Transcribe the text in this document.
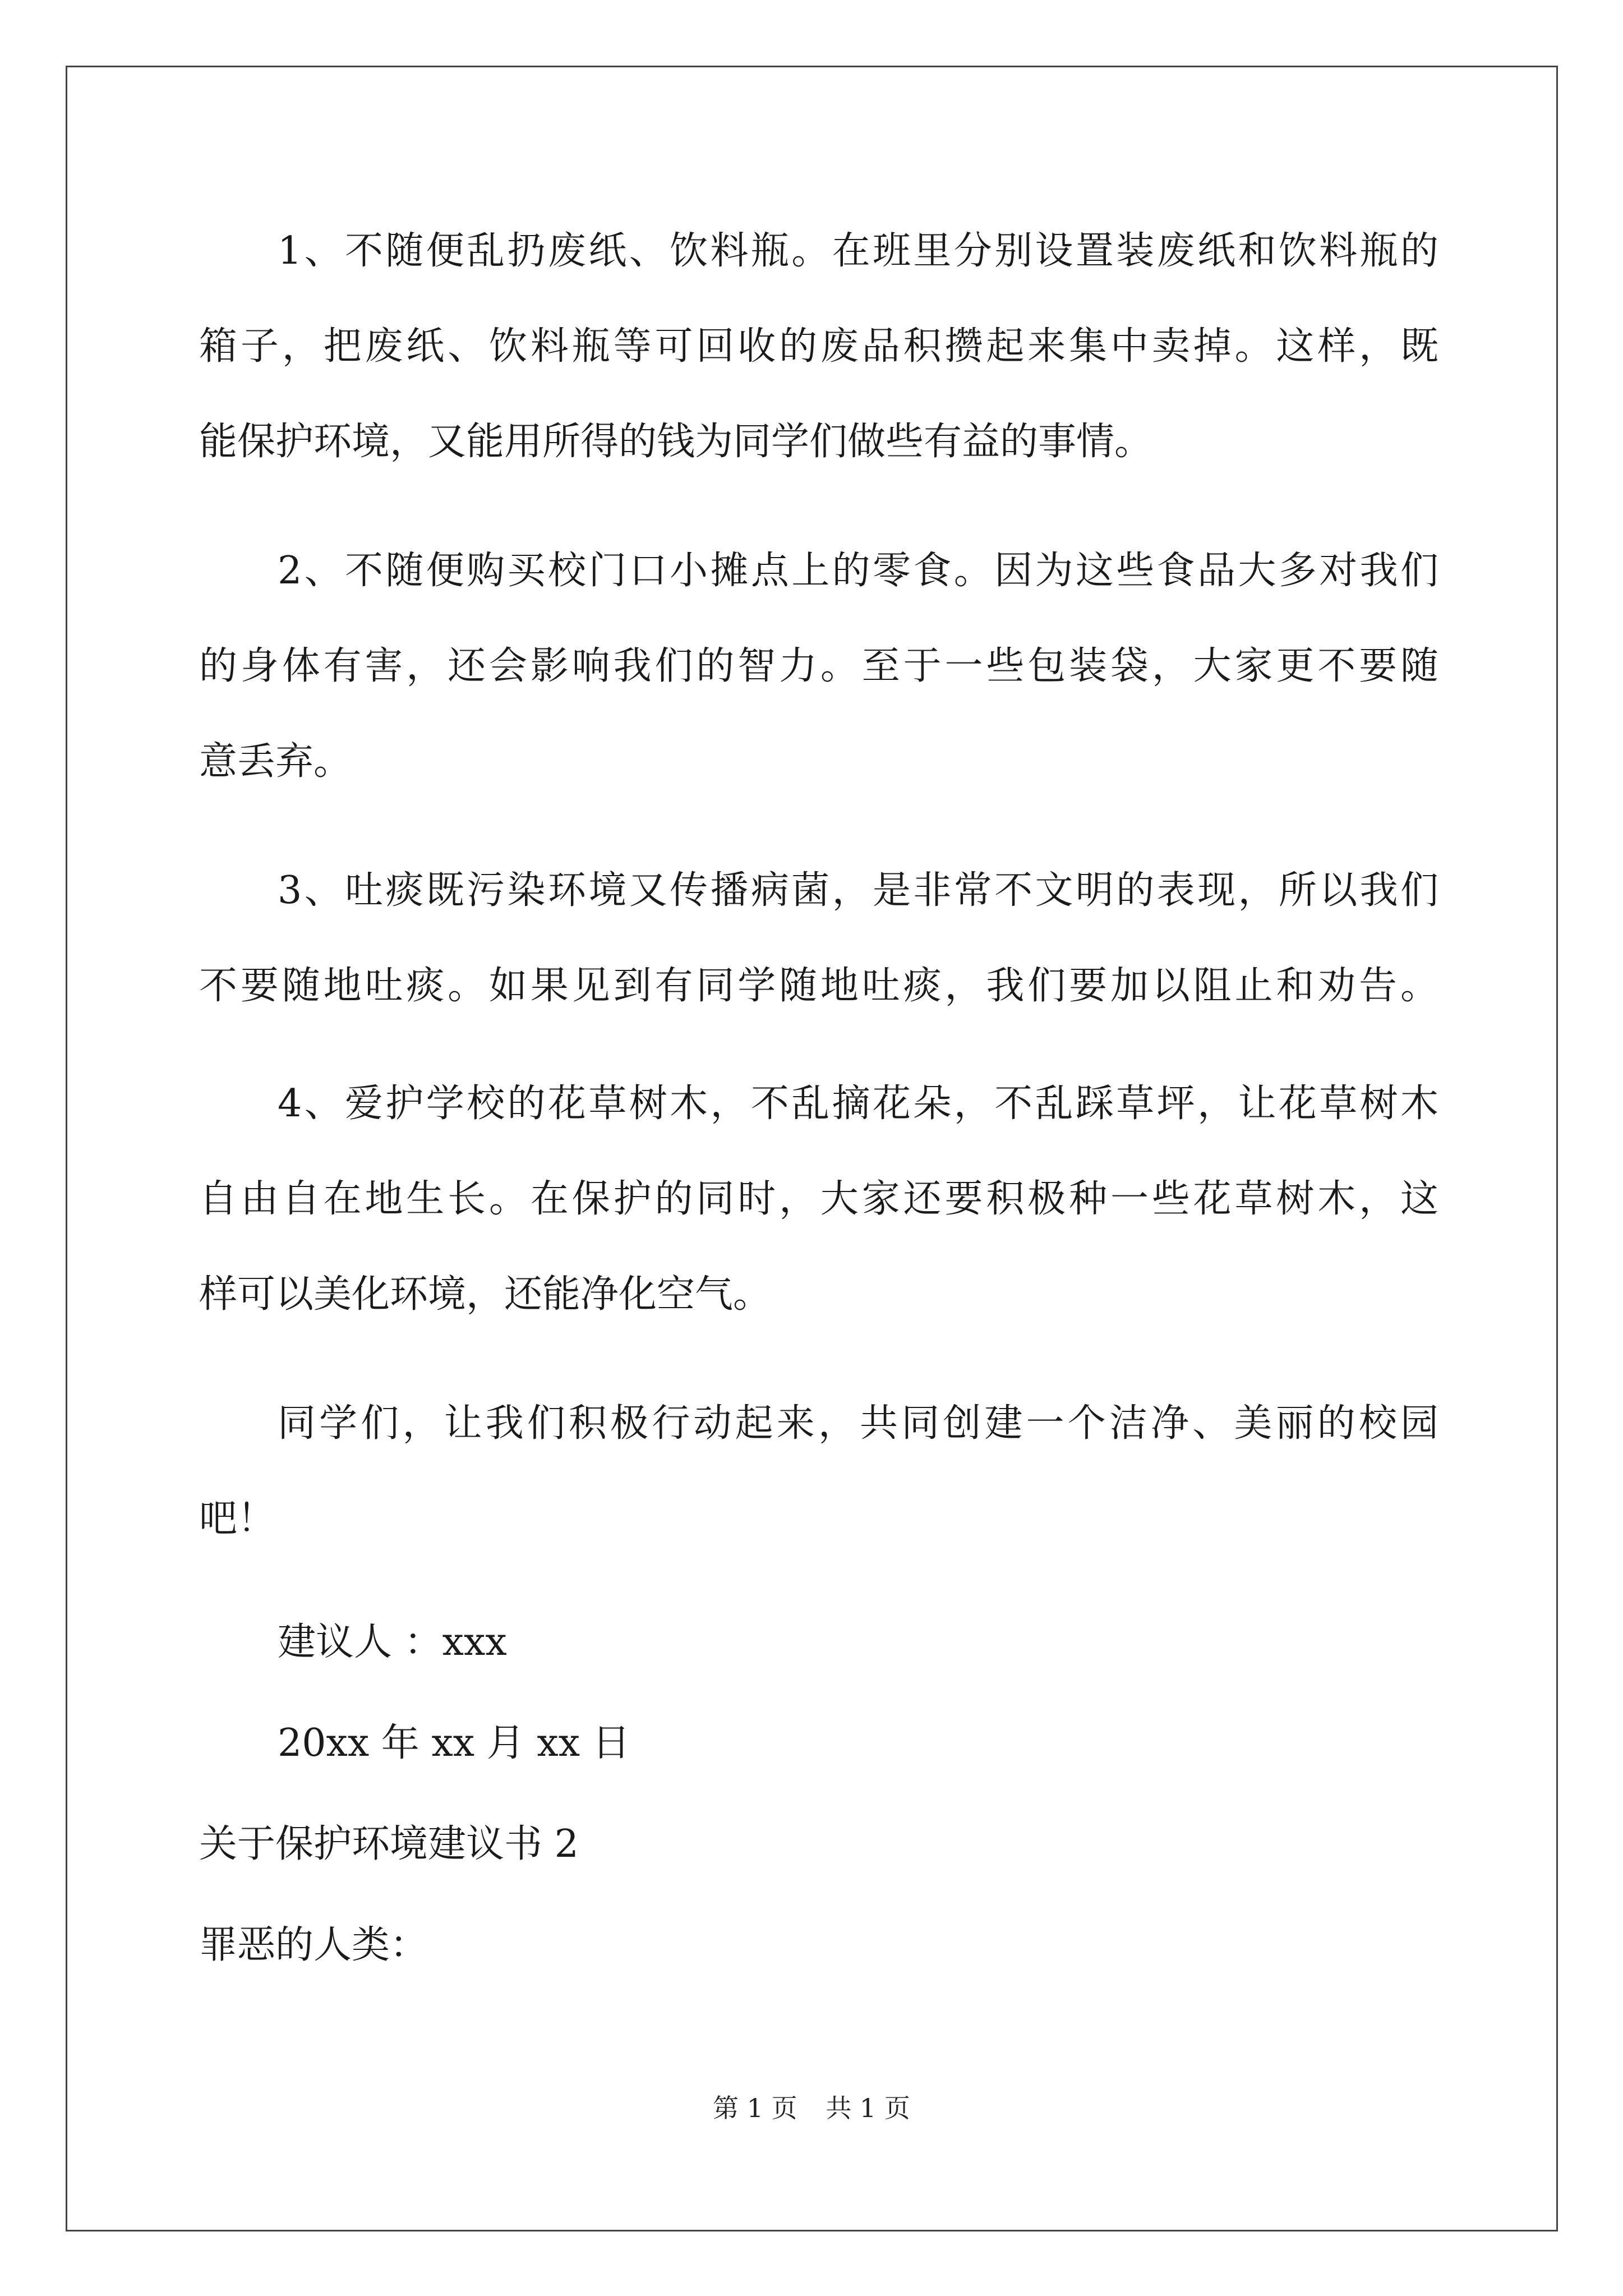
1、不随便乱扔废纸、饮料瓶。在班里分别设置装废纸和饮料瓶的
箱子，把废纸、饮料瓶等可回收的废品积攒起来集中卖掉。这样，既
能保护环境，又能用所得的钱为同学们做些有益的事情。
2、不随便购买校门口小摊点上的零食。因为这些食品大多对我们
的身体有害，还会影响我们的智力。至于一些包装袋，大家更不要随
意丢弃。
3、吐痰既污染环境又传播病菌，是非常不文明的表现，所以我们
不要随地吐痰。如果见到有同学随地吐痰，我们要加以阻止和劝告。
4、爱护学校的花草树木，不乱摘花朵，不乱踩草坪，让花草树木
自由自在地生长。在保护的同时，大家还要积极种一些花草树木，这
样可以美化环境，还能净化空气。
同学们，让我们积极行动起来，共同创建一个洁净、美丽的校园
吧！
建议人 ：xxx
20xx 年 xx 月 xx 日
关于保护环境建议书 2
罪恶的人类：
第 1 页 共 1 页
